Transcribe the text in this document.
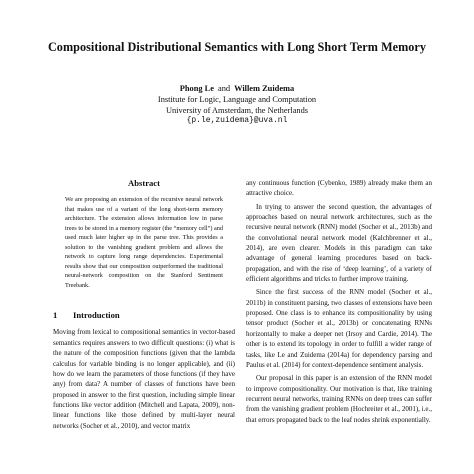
Compositional Distributional Semantics with Long Short Term Memory
Phong Le and Willem Zuidema
Institute for Logic, Language and Computation
University of Amsterdam, the Netherlands
{p.le,zuidema}@uva.nl
Abstract

We are proposing an extension of the recursive neural network that makes use of a variant of the long short-term memory architecture. The extension allows information low in parse trees to be stored in a memory register (the “memory cell”) and used much later higher up in the parse tree. This provides a solution to the vanishing gradient problem and allows the network to capture long range dependencies. Experimental results show that our composition outperformed the traditional neural-network composition on the Stanford Sentiment Treebank.

1 Introduction

Moving from lexical to compositional semantics in vector-based semantics requires answers to two difficult questions: (i) what is the nature of the composition functions (given that the lambda calculus for variable binding is no longer applicable), and (ii) how do we learn the parameters of those functions (if they have any) from data? A number of classes of functions have been proposed in answer to the first question, including simple linear functions like vector addition (Mitchell and Lapata, 2009), non-linear functions like those defined by multi-layer neural networks (Socher et al., 2010), and vector matrix

any continuous function (Cybenko, 1989) already make them an attractive choice.

In trying to answer the second question, the advantages of approaches based on neural network architectures, such as the recursive neural network (RNN) model (Socher et al., 2013b) and the convolutional neural network model (Kalchbrenner et al., 2014), are even clearer. Models in this paradigm can take advantage of general learning procedures based on back-propagation, and with the rise of ‘deep learning’, of a variety of efficient algorithms and tricks to further improve training.

Since the first success of the RNN model (Socher et al., 2011b) in constituent parsing, two classes of extensions have been proposed. One class is to enhance its compositionality by using tensor product (Socher et al., 2013b) or concatenating RNNs horizontally to make a deeper net (Irsoy and Cardie, 2014). The other is to extend its topology in order to fulfill a wider range of tasks, like Le and Zuidema (2014a) for dependency parsing and Paulus et al. (2014) for context-dependence sentiment analysis.

Our proposal in this paper is an extension of the RNN model to improve compositionality. Our motivation is that, like training recurrent neural networks, training RNNs on deep trees can suffer from the vanishing gradient problem (Hochreiter et al., 2001), i.e., that errors propagated back to the leaf nodes shrink exponentially.
